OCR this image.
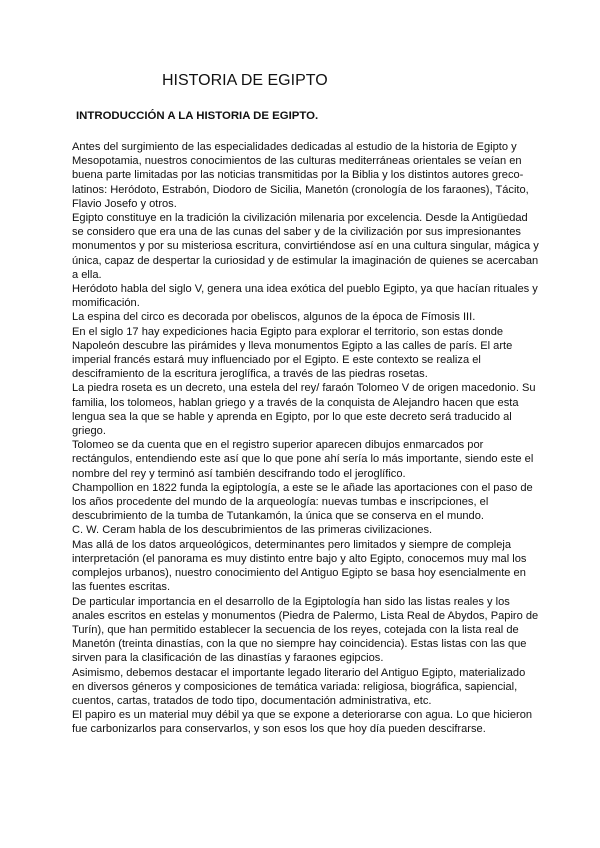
HISTORIA DE EGIPTO
INTRODUCCIÓN A LA HISTORIA DE EGIPTO.

Antes del surgimiento de las especialidades dedicadas al estudio de la historia de Egipto y Mesopotamia, nuestros conocimientos de las culturas mediterráneas orientales se veían en buena parte limitadas por las noticias transmitidas por la Biblia y los distintos autores greco-latinos: Heródoto, Estrabón, Diodoro de Sicilia, Manetón (cronología de los faraones), Tácito, Flavio Josefo y otros.

Egipto constituye en la tradición la civilización milenaria por excelencia. Desde la Antigüedad se considero que era una de las cunas del saber y de la civilización por sus impresionantes monumentos y por su misteriosa escritura, convirtiéndose así en una cultura singular, mágica y única, capaz de despertar la curiosidad y de estimular la imaginación de quienes se acercaban a ella.

Heródoto habla del siglo V, genera una idea exótica del pueblo Egipto, ya que hacían rituales y momificación.

La espina del circo es decorada por obeliscos, algunos de la época de Fímosis III.

En el siglo 17 hay expediciones hacia Egipto para explorar el territorio, son estas donde Napoleón descubre las pirámides y lleva monumentos Egipto a las calles de parís. El arte imperial francés estará muy influenciado por el Egipto. E este contexto se realiza el desciframiento de la escritura jeroglífica, a través de las piedras rosetas.

La piedra roseta es un decreto, una estela del rey/ faraón Tolomeo V de origen macedonio. Su familia, los tolomeos, hablan griego y a través de la conquista de Alejandro hacen que esta lengua sea la que se hable y aprenda en Egipto, por lo que este decreto será traducido al griego.

Tolomeo se da cuenta que en el registro superior aparecen dibujos enmarcados por rectángulos, entendiendo este así que lo que pone ahí sería lo más importante, siendo este el nombre del rey y terminó así también descifrando todo el jeroglífico.

Champollion en 1822 funda la egiptología, a este se le añade las aportaciones con el paso de los años procedente del mundo de la arqueología: nuevas tumbas e inscripciones, el descubrimiento de la tumba de Tutankamón, la única que se conserva en el mundo.

C. W. Ceram habla de los descubrimientos de las primeras civilizaciones.

Mas allá de los datos arqueológicos, determinantes pero limitados y siempre de compleja interpretación (el panorama es muy distinto entre bajo y alto Egipto, conocemos muy mal los complejos urbanos), nuestro conocimiento del Antiguo Egipto se basa hoy esencialmente en las fuentes escritas.

De particular importancia en el desarrollo de la Egiptología han sido las listas reales y los anales escritos en estelas y monumentos (Piedra de Palermo, Lista Real de Abydos, Papiro de Turín), que han permitido establecer la secuencia de los reyes, cotejada con la lista real de Manetón (treinta dinastías, con la que no siempre hay coincidencia). Estas listas con las que sirven para la clasificación de las dinastías y faraones egipcios.

Asimismo, debemos destacar el importante legado literario del Antiguo Egipto, materializado en diversos géneros y composiciones de temática variada: religiosa, biográfica, sapiencial, cuentos, cartas, tratados de todo tipo, documentación administrativa, etc.

El papiro es un material muy débil ya que se expone a deteriorarse con agua. Lo que hicieron fue carbonizarlos para conservarlos, y son esos los que hoy día pueden descifrarse.
